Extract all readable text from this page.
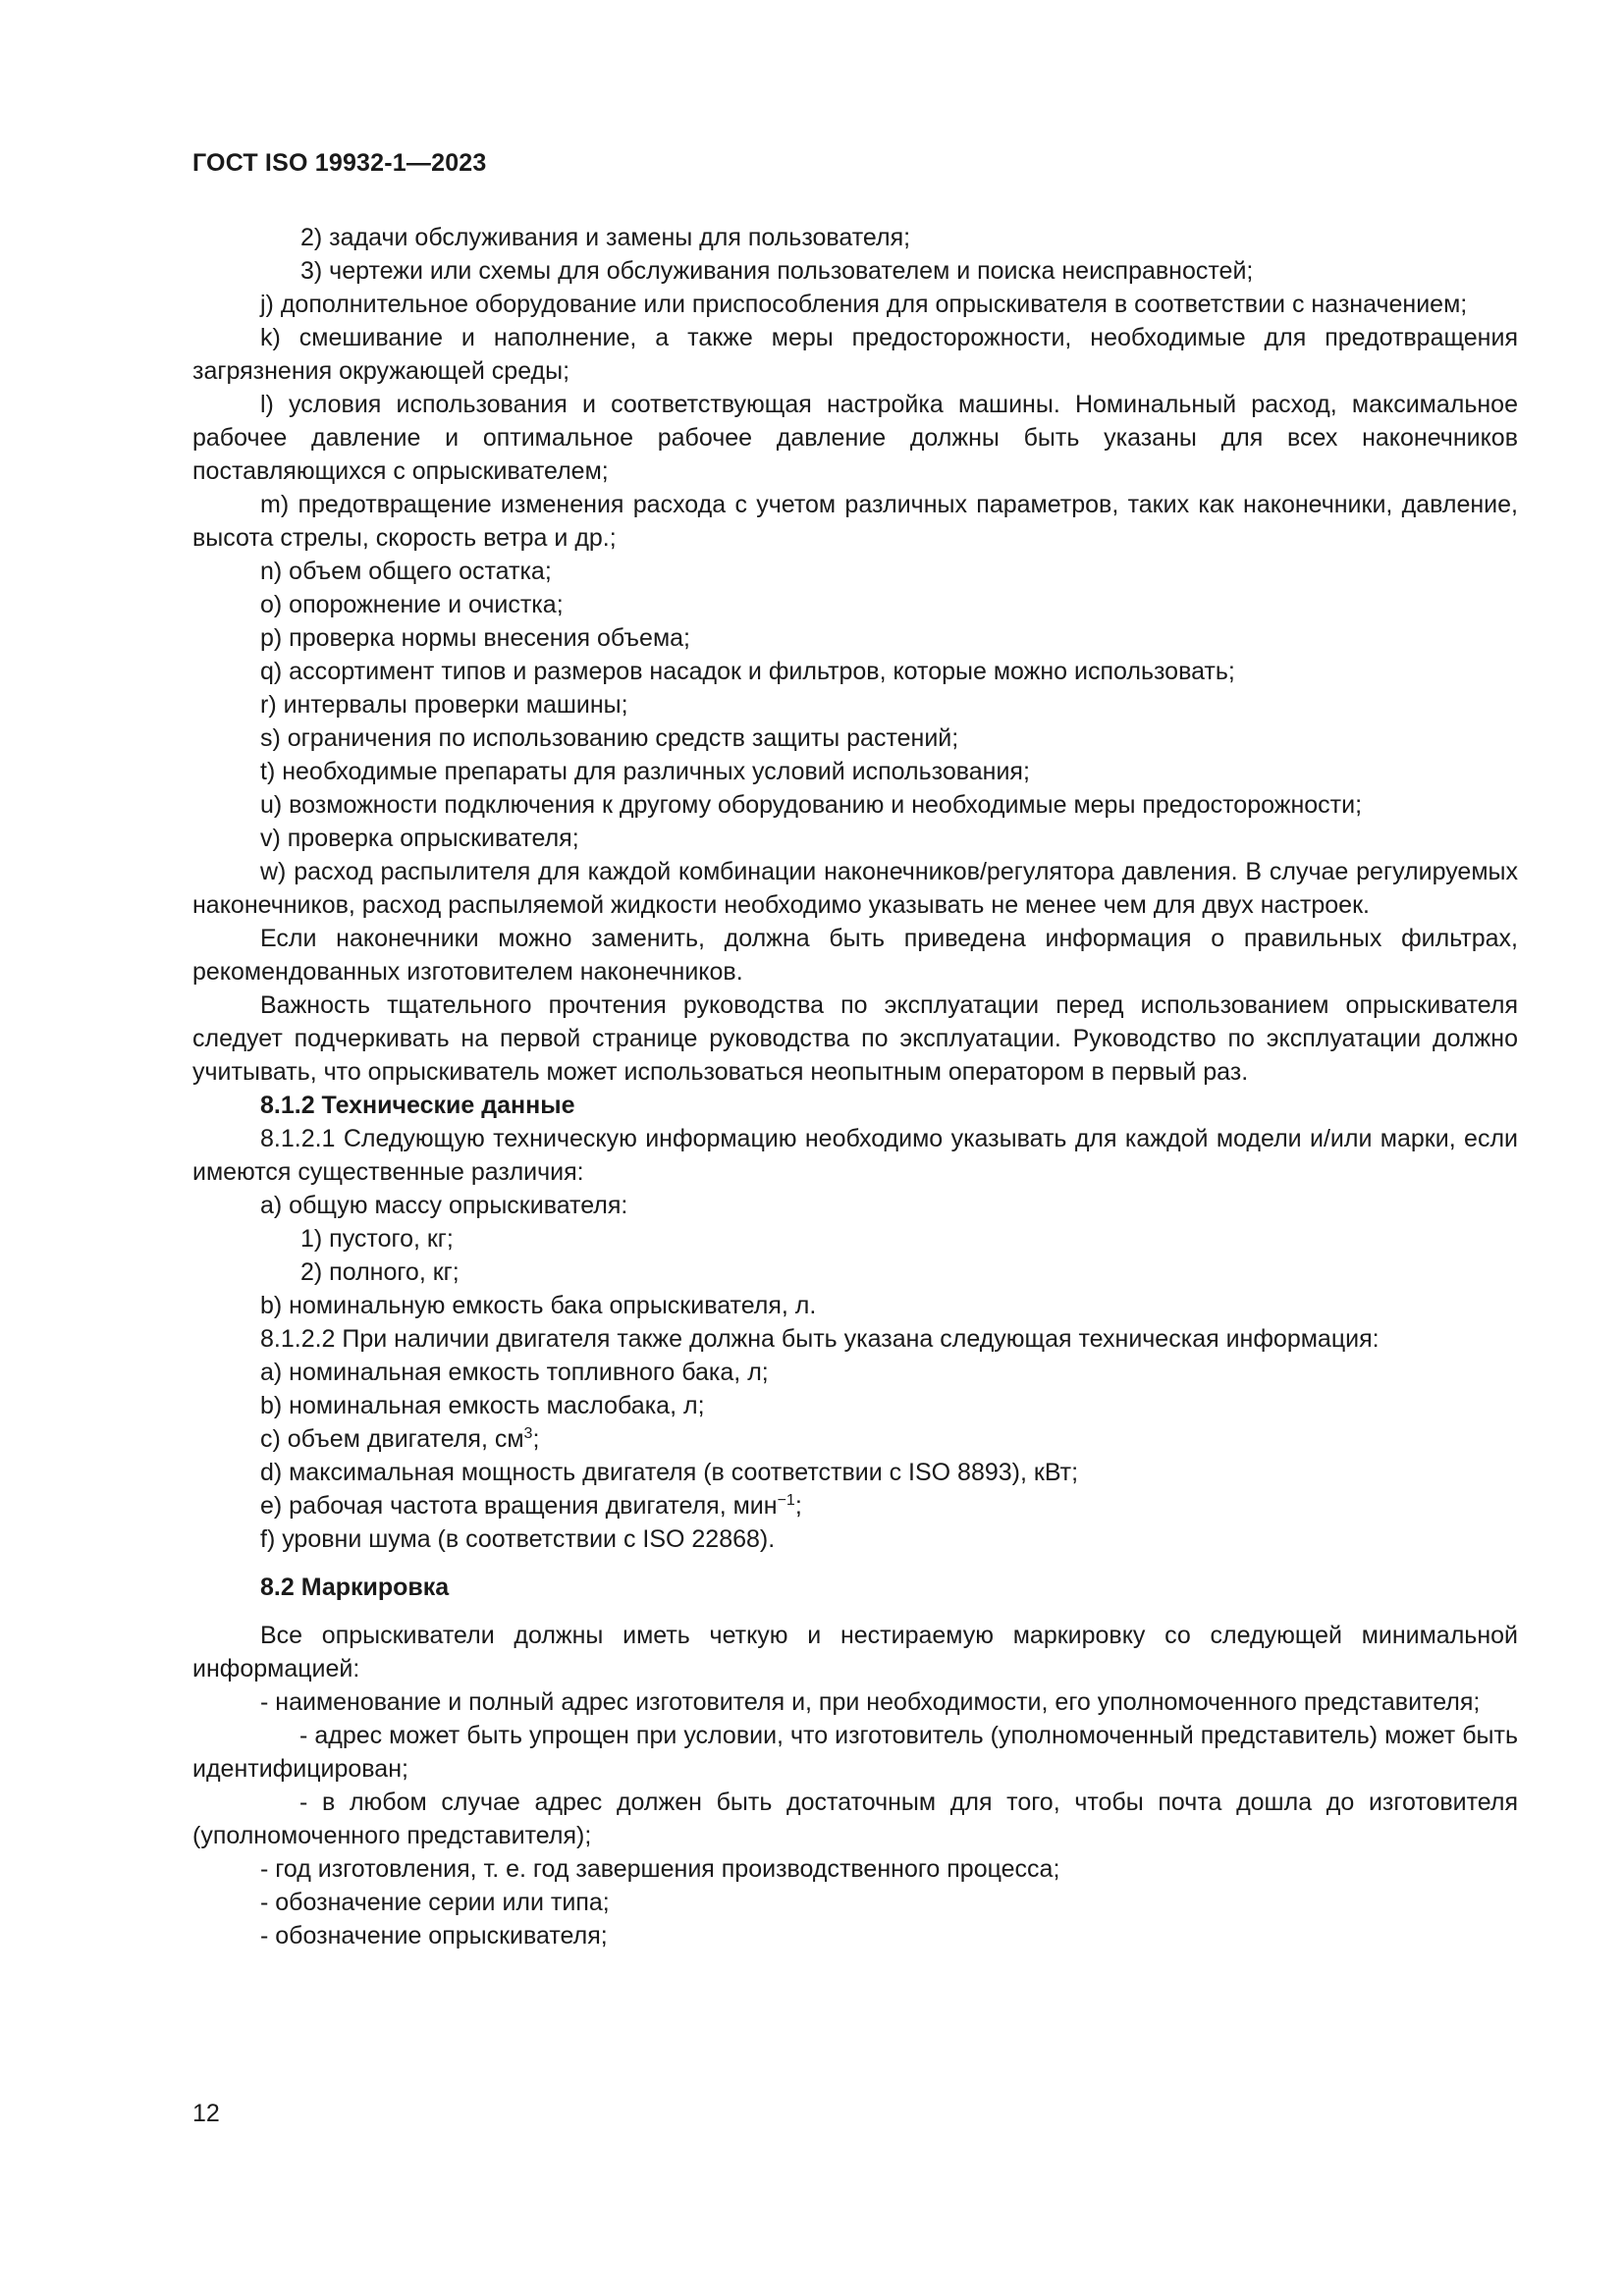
ГОСТ ISO 19932-1—2023

2) задачи обслуживания и замены для пользователя;

3) чертежи или схемы для обслуживания пользователем и поиска неисправностей;

j) дополнительное оборудование или приспособления для опрыскивателя в соответствии с назначением;

k) смешивание и наполнение, а также меры предосторожности, необходимые для предотвращения загрязнения окружающей среды;

l) условия использования и соответствующая настройка машины. Номинальный расход, максимальное рабочее давление и оптимальное рабочее давление должны быть указаны для всех наконечников поставляющихся с опрыскивателем;

m) предотвращение изменения расхода с учетом различных параметров, таких как наконечники, давление, высота стрелы, скорость ветра и др.;

n) объем общего остатка;

o) опорожнение и очистка;

p) проверка нормы внесения объема;

q) ассортимент типов и размеров насадок и фильтров, которые можно использовать;

r) интервалы проверки машины;

s) ограничения по использованию средств защиты растений;

t) необходимые препараты для различных условий использования;

u) возможности подключения к другому оборудованию и необходимые меры предосторожности;

v) проверка опрыскивателя;

w) расход распылителя для каждой комбинации наконечников/регулятора давления. В случае регулируемых наконечников, расход распыляемой жидкости необходимо указывать не менее чем для двух настроек.

Если наконечники можно заменить, должна быть приведена информация о правильных фильтрах, рекомендованных изготовителем наконечников.

Важность тщательного прочтения руководства по эксплуатации перед использованием опрыскивателя следует подчеркивать на первой странице руководства по эксплуатации. Руководство по эксплуатации должно учитывать, что опрыскиватель может использоваться неопытным оператором в первый раз.

8.1.2 Технические данные

8.1.2.1 Следующую техническую информацию необходимо указывать для каждой модели и/или марки, если имеются существенные различия:

a) общую массу опрыскивателя:

1) пустого, кг;

2) полного, кг;

b) номинальную емкость бака опрыскивателя, л.

8.1.2.2 При наличии двигателя также должна быть указана следующая техническая информация:

a) номинальная емкость топливного бака, л;

b) номинальная емкость маслобака, л;

c) объем двигателя, $см^3$;

d) максимальная мощность двигателя (в соответствии с ISO 8893), кВт;

e) рабочая частота вращения двигателя, мин$^{-1}$;

f) уровни шума (в соответствии с ISO 22868).

8.2 Маркировка

Все опрыскиватели должны иметь четкую и нестираемую маркировку со следующей минимальной информацией:

- наименование и полный адрес изготовителя и, при необходимости, его уполномоченного представителя;

- адрес может быть упрощен при условии, что изготовитель (уполномоченный представитель) может быть идентифицирован;

- в любом случае адрес должен быть достаточным для того, чтобы почта дошла до изготовителя (уполномоченного представителя);

- год изготовления, т. е. год завершения производственного процесса;

- обозначение серии или типа;

- обозначение опрыскивателя;

12
